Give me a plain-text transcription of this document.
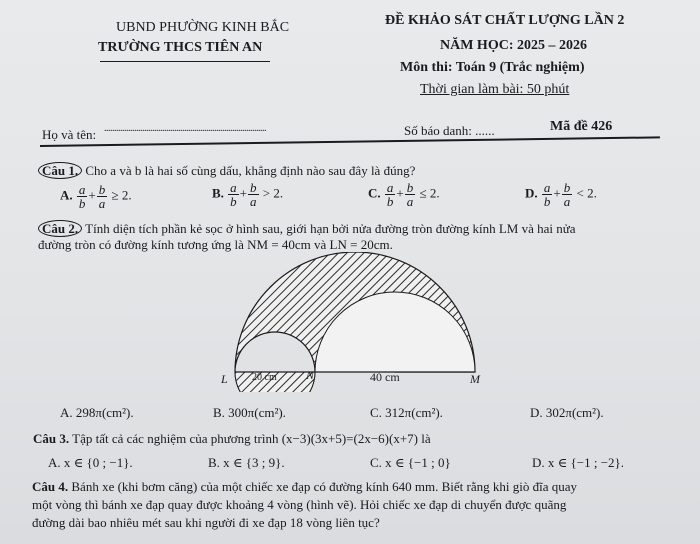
UBND PHƯỜNG KINH BẮC
TRƯỜNG THCS TIÊN AN
ĐỀ KHẢO SÁT CHẤT LƯỢNG LẦN 2
NĂM HỌC: 2025 – 2026
Môn thi: Toán 9 (Trắc nghiệm)
Thời gian làm bài: 50 phút
Họ và tên: .................................................................................	Số báo danh: ......	Mã đề 426
Câu 1. Cho a và b là hai số cùng dấu, khẳng định nào sau đây là đúng?
A. $\frac{a}{b} + \frac{b}{a} \ge 2$.	B. $\frac{a}{b} + \frac{b}{a} > 2$.	C. $\frac{a}{b} + \frac{b}{a} \le 2$.	D. $\frac{a}{b} + \frac{b}{a} < 2$.
Câu 2. Tính diện tích phần kẻ sọc ở hình sau, giới hạn bởi nửa đường tròn đường kính LM và hai nửa
đường tròn có đường kính tương ứng là NM = 40cm và LN = 20cm.
L 20 cm N	40 cm	M
A. 298π(cm²).	B. 300π(cm²).	C. 312π(cm²).	D. 302π(cm²).
Câu 3. Tập tất cả các nghiệm của phương trình (x−3)(3x+5)=(2x−6)(x+7) là
A. x ∈ {0 ; −1}.	B. x ∈ {3 ; 9}.	C. x ∈ {−1 ; 0}	D. x ∈ {−1 ; −2}.
Câu 4. Bánh xe (khi bơm căng) của một chiếc xe đạp có đường kính 640 mm. Biết rằng khi giò đĩa quay
một vòng thì bánh xe đạp quay được khoảng 4 vòng (hình vẽ). Hỏi chiếc xe đạp di chuyển được quãng
đường dài bao nhiêu mét sau khi người đi xe đạp 18 vòng liên tục?
